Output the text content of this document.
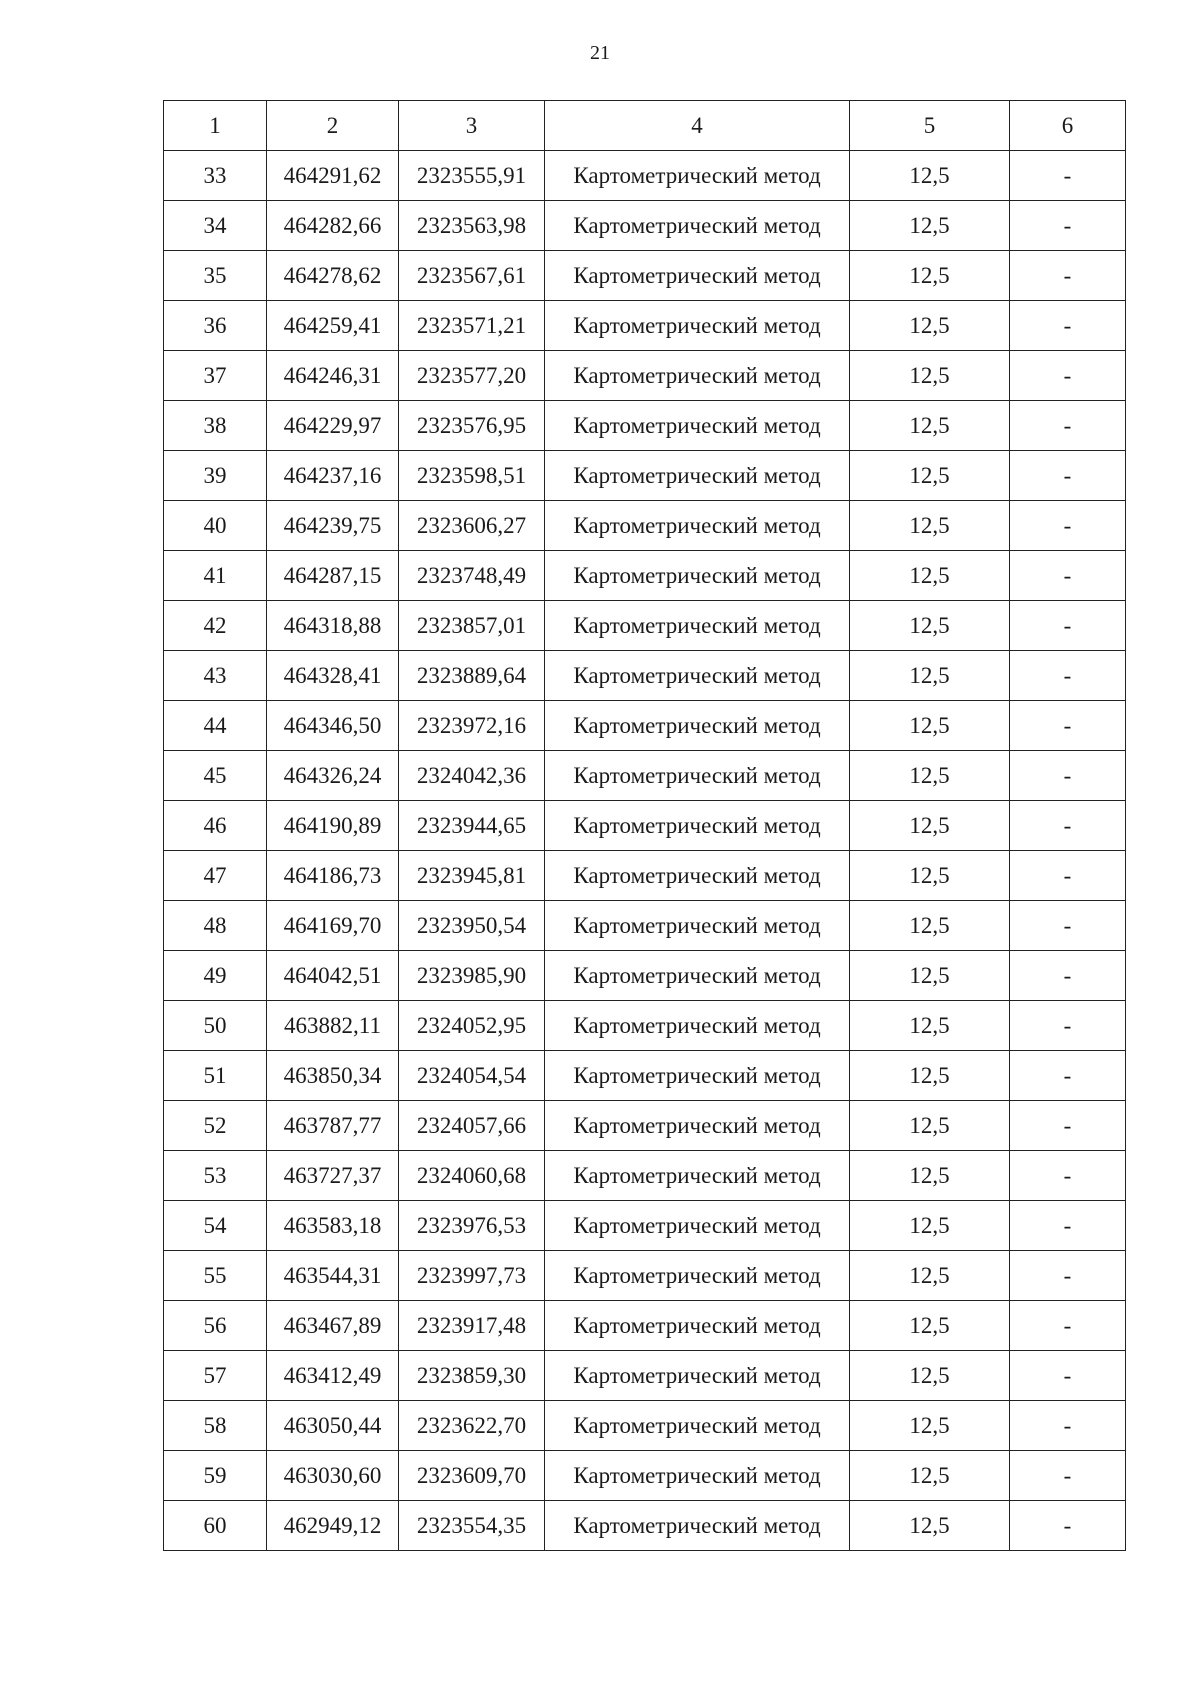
21
1	2	3	4	5	6
33	464291,62	2323555,91	Картометрический метод	12,5	-
34	464282,66	2323563,98	Картометрический метод	12,5	-
35	464278,62	2323567,61	Картометрический метод	12,5	-
36	464259,41	2323571,21	Картометрический метод	12,5	-
37	464246,31	2323577,20	Картометрический метод	12,5	-
38	464229,97	2323576,95	Картометрический метод	12,5	-
39	464237,16	2323598,51	Картометрический метод	12,5	-
40	464239,75	2323606,27	Картометрический метод	12,5	-
41	464287,15	2323748,49	Картометрический метод	12,5	-
42	464318,88	2323857,01	Картометрический метод	12,5	-
43	464328,41	2323889,64	Картометрический метод	12,5	-
44	464346,50	2323972,16	Картометрический метод	12,5	-
45	464326,24	2324042,36	Картометрический метод	12,5	-
46	464190,89	2323944,65	Картометрический метод	12,5	-
47	464186,73	2323945,81	Картометрический метод	12,5	-
48	464169,70	2323950,54	Картометрический метод	12,5	-
49	464042,51	2323985,90	Картометрический метод	12,5	-
50	463882,11	2324052,95	Картометрический метод	12,5	-
51	463850,34	2324054,54	Картометрический метод	12,5	-
52	463787,77	2324057,66	Картометрический метод	12,5	-
53	463727,37	2324060,68	Картометрический метод	12,5	-
54	463583,18	2323976,53	Картометрический метод	12,5	-
55	463544,31	2323997,73	Картометрический метод	12,5	-
56	463467,89	2323917,48	Картометрический метод	12,5	-
57	463412,49	2323859,30	Картометрический метод	12,5	-
58	463050,44	2323622,70	Картометрический метод	12,5	-
59	463030,60	2323609,70	Картометрический метод	12,5	-
60	462949,12	2323554,35	Картометрический метод	12,5	-
